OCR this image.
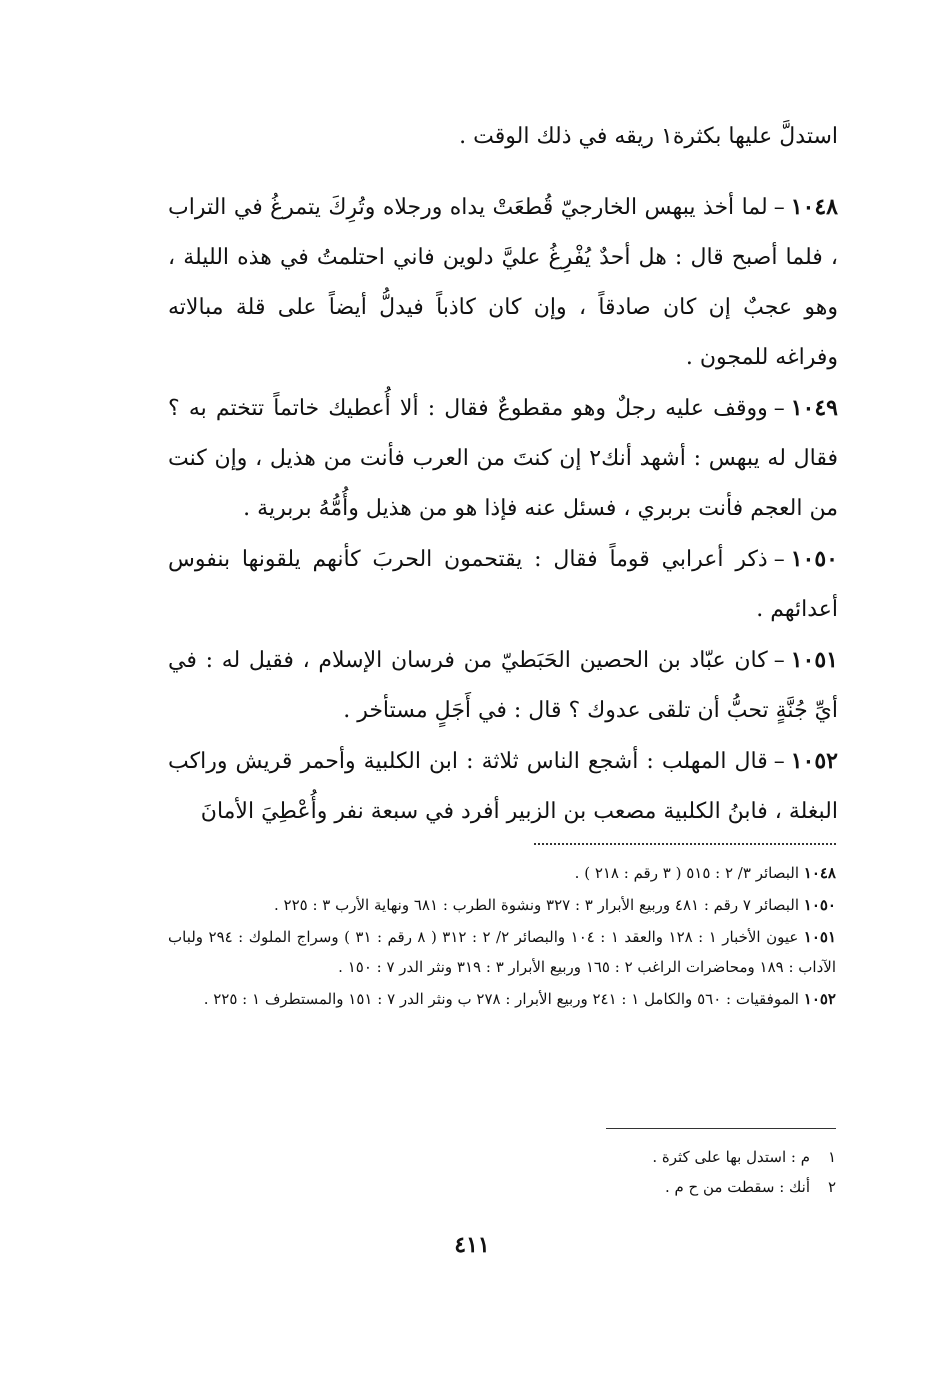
استدلَّ عليها بكثرة١ ريقه في ذلك الوقت .

١٠٤٨–لما أخذ يبهس الخارجيّ قُطعَتْ يداه ورجلاه وتُرِكَ يتمرغُ في التراب ، فلما أصبح قال : هل أحدٌ يُفْرِغُ عليَّ دلوين فاني احتلمتُ في هذه الليلة ، وهو عجبٌ إن كان صادقاً ، وإن كان كاذباً فيدلُّ أيضاً على قلة مبالاته وفراغه للمجون .

١٠٤٩–ووقف عليه رجلٌ وهو مقطوعٌ فقال : ألا أُعطيك خاتماً تتختم به ؟ فقال له يبهس : أشهد أنك٢ إن كنتَ من العرب فأنت من هذيل ، وإن كنت من العجم فأنت بربري ، فسئل عنه فإذا هو من هذيل وأُمُّهُ بربرية .

١٠٥٠–ذكر أعرابي قوماً فقال : يقتحمون الحربَ كأنهم يلقونها بنفوس أعدائهم .

١٠٥١–كان عبّاد بن الحصين الحَبَطيّ من فرسان الإسلام ، فقيل له : في أيِّ جُنَّةٍ تحبُّ أن تلقى عدوك ؟ قال : في أَجَلٍ مستأخر .

١٠٥٢–قال المهلب : أشجع الناس ثلاثة : ابن الكلبية وأحمر قريش وراكب البغلة ، فابنُ الكلبية مصعب بن الزبير أفرد في سبعة نفر وأُعْطِيَ الأمانَ

١٠٤٨ البصائر ٣/ ٢ : ٥١٥ ( ٣ رقم : ٢١٨ ) .

١٠٥٠ البصائر ٧ رقم : ٤٨١ وربيع الأبرار ٣ : ٣٢٧ ونشوة الطرب : ٦٨١ ونهاية الأرب ٣ : ٢٢٥ .

١٠٥١ عيون الأخبار ١ : ١٢٨ والعقد ١ : ١٠٤ والبصائر ٢/ ٢ : ٣١٢ ( ٨ رقم : ٣١ ) وسراج الملوك : ٢٩٤ ولباب الآداب : ١٨٩ ومحاضرات الراغب ٢ : ١٦٥ وربيع الأبرار ٣ : ٣١٩ ونثر الدر ٧ : ١٥٠ .

١٠٥٢ الموفقيات : ٥٦٠ والكامل ١ : ٢٤١ وربيع الأبرار : ٢٧٨ ب ونثر الدر ٧ : ١٥١ والمستطرف ١ : ٢٢٥ .

١م : استدل بها على كثرة .

٢أنك : سقطت من ح م .

٤١١
